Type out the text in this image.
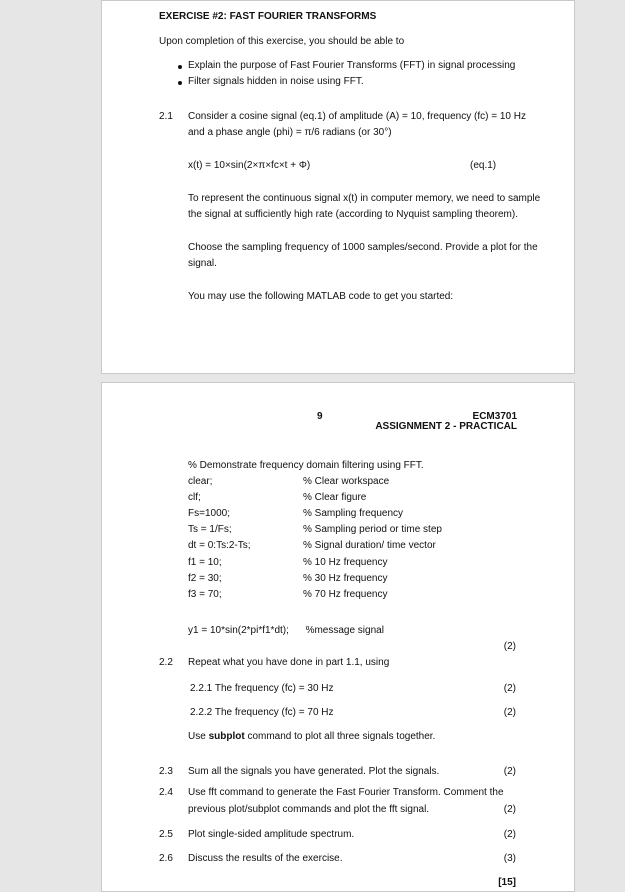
EXERCISE #2: FAST FOURIER TRANSFORMS
Upon completion of this exercise, you should be able to
Explain the purpose of Fast Fourier Transforms (FFT) in signal processing
Filter signals hidden in noise using FFT.
2.1 Consider a cosine signal (eq.1) of amplitude (A) = 10, frequency (fc) = 10 Hz
and a phase angle (phi) = π/6 radians (or 30°)
x(t) = 10×sin(2×π×fc×t + Φ)	(eq.1)
To represent the continuous signal x(t) in computer memory, we need to sample
the signal at sufficiently high rate (according to Nyquist sampling theorem).
Choose the sampling frequency of 1000 samples/second. Provide a plot for the
signal.
You may use the following MATLAB code to get you started:
9	ECM3701
ASSIGNMENT 2 - PRACTICAL
% Demonstrate frequency domain filtering using FFT.
clear;	% Clear workspace
clf;	% Clear figure
Fs=1000;	% Sampling frequency
Ts = 1/Fs;	% Sampling period or time step
dt = 0:Ts:2-Ts;	% Signal duration/ time vector
f1 = 10;	% 10 Hz frequency
f2 = 30;	% 30 Hz frequency
f3 = 70;	% 70 Hz frequency
y1 = 10*sin(2*pi*f1*dt);      %message signal
(2)
2.2 Repeat what you have done in part 1.1, using
2.2.1 The frequency (fc) = 30 Hz	(2)
2.2.2 The frequency (fc) = 70 Hz	(2)
Use subplot command to plot all three signals together.
2.3 Sum all the signals you have generated. Plot the signals.	(2)
2.4 Use fft command to generate the Fast Fourier Transform. Comment the
previous plot/subplot commands and plot the fft signal.	(2)
2.5 Plot single-sided amplitude spectrum.	(2)
2.6 Discuss the results of the exercise.	(3)
[15]
